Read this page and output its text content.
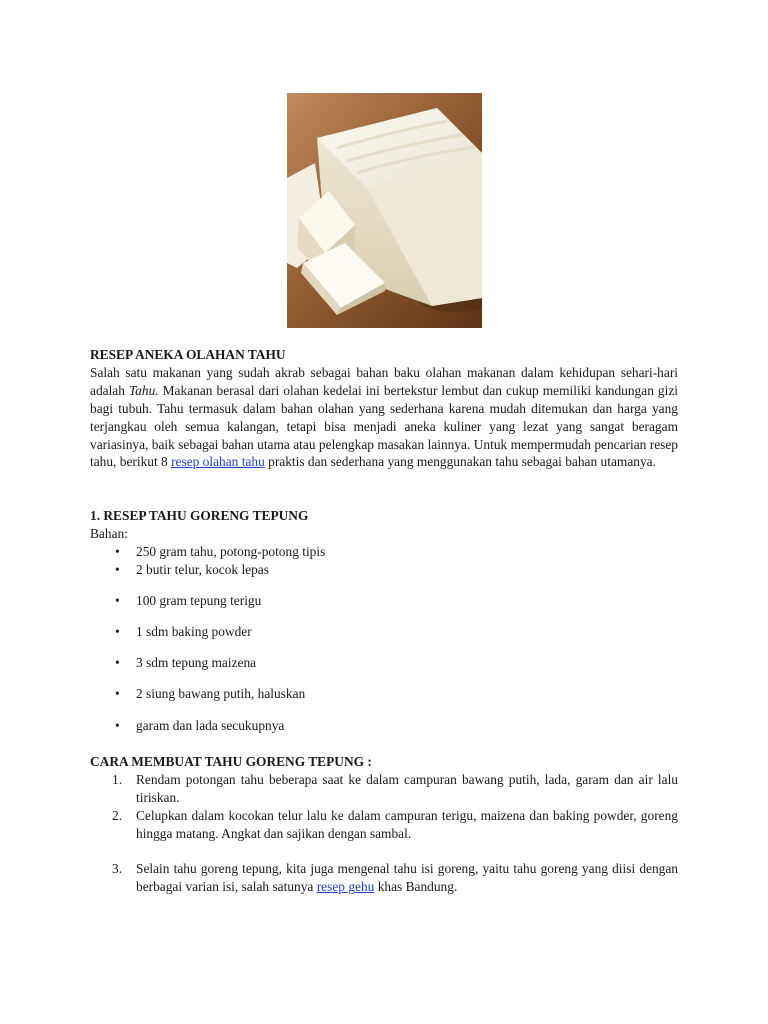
RESEP ANEKA OLAHAN TAHU

Salah satu makanan yang sudah akrab sebagai bahan baku olahan makanan dalam kehidupan sehari-hari adalah Tahu. Makanan berasal dari olahan kedelai ini bertekstur lembut dan cukup memiliki kandungan gizi bagi tubuh. Tahu termasuk dalam bahan olahan yang sederhana karena mudah ditemukan dan harga yang terjangkau oleh semua kalangan, tetapi bisa menjadi aneka kuliner yang lezat yang sangat beragam variasinya, baik sebagai bahan utama atau pelengkap masakan lainnya. Untuk mempermudah pencarian resep tahu, berikut 8 resep olahan tahu praktis dan sederhana yang menggunakan tahu sebagai bahan utamanya.

1. RESEP TAHU GORENG TEPUNG

Bahan:

• 250 gram tahu, potong-potong tipis
• 2 butir telur, kocok lepas
• 100 gram tepung terigu
• 1 sdm baking powder
• 3 sdm tepung maizena
• 2 siung bawang putih, haluskan
• garam dan lada secukupnya
CARA MEMBUAT TAHU GORENG TEPUNG :
1. Rendam potongan tahu beberapa saat ke dalam campuran bawang putih, lada, garam dan air lalu tiriskan.
2. Celupkan dalam kocokan telur lalu ke dalam campuran terigu, maizena dan baking powder, goreng hingga matang. Angkat dan sajikan dengan sambal.
3. Selain tahu goreng tepung, kita juga mengenal tahu isi goreng, yaitu tahu goreng yang diisi dengan berbagai varian isi, salah satunya resep gehu khas Bandung.
